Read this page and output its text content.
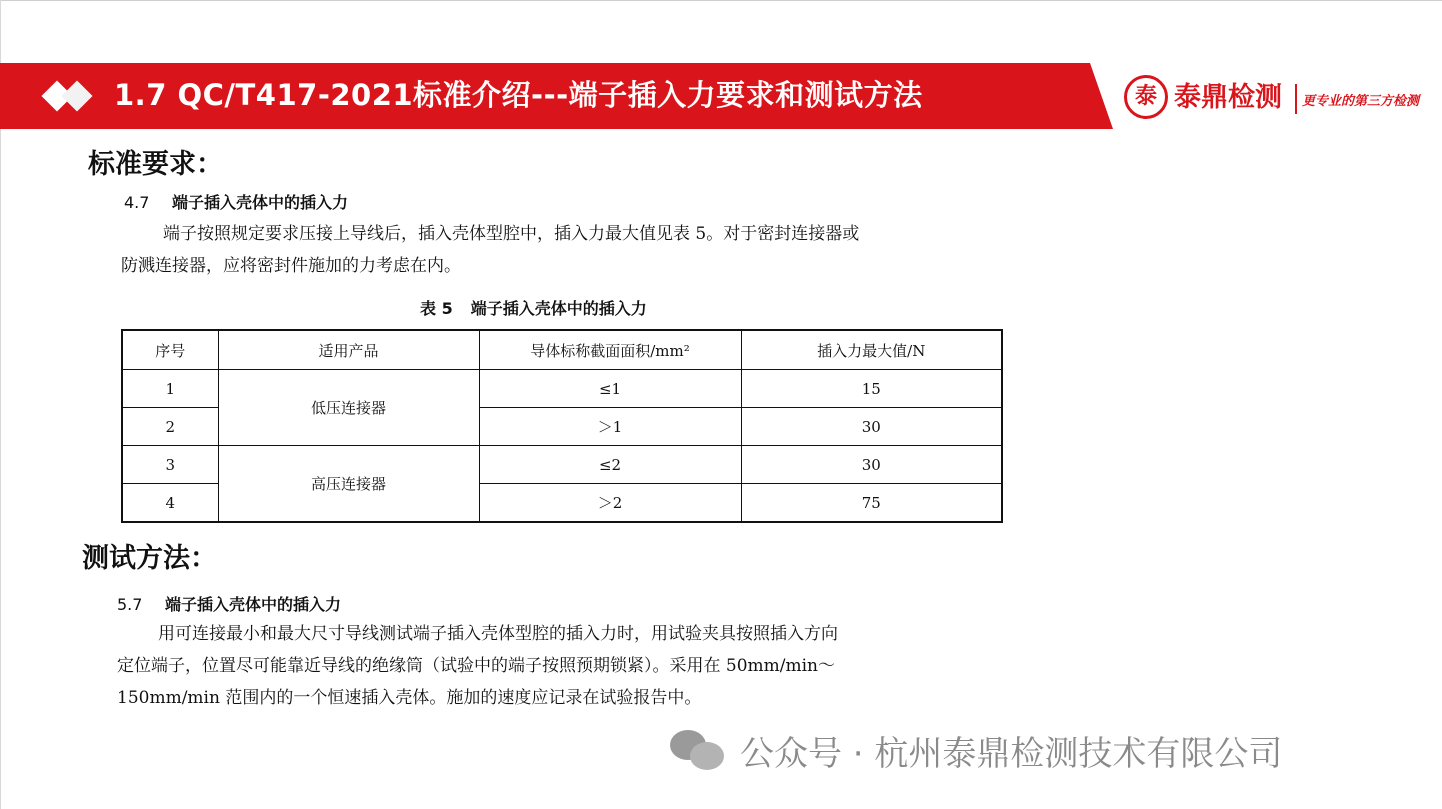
1.7 QC/T417-2021标准介绍---端子插入力要求和测试方法	泰 泰鼎检测 更专业的第三方检测
标准要求：
4.7 端子插入壳体中的插入力
端子按照规定要求压接上导线后，插入壳体型腔中，插入力最大值见表 5。对于密封连接器或
防溅连接器，应将密封件施加的力考虑在内。
表 5 端子插入壳体中的插入力
序号	适用产品	导体标称截面面积/mm²	插入力最大值/N
1	低压连接器	≤1	15
2		＞1	30
3	高压连接器	≤2	30
4		＞2	75
测试方法：
5.7 端子插入壳体中的插入力
用可连接最小和最大尺寸导线测试端子插入壳体型腔的插入力时，用试验夹具按照插入方向
定位端子，位置尽可能靠近导线的绝缘筒（试验中的端子按照预期锁紧）。采用在 50mm/min～
150mm/min 范围内的一个恒速插入壳体。施加的速度应记录在试验报告中。
公众号 · 杭州泰鼎检测技术有限公司
